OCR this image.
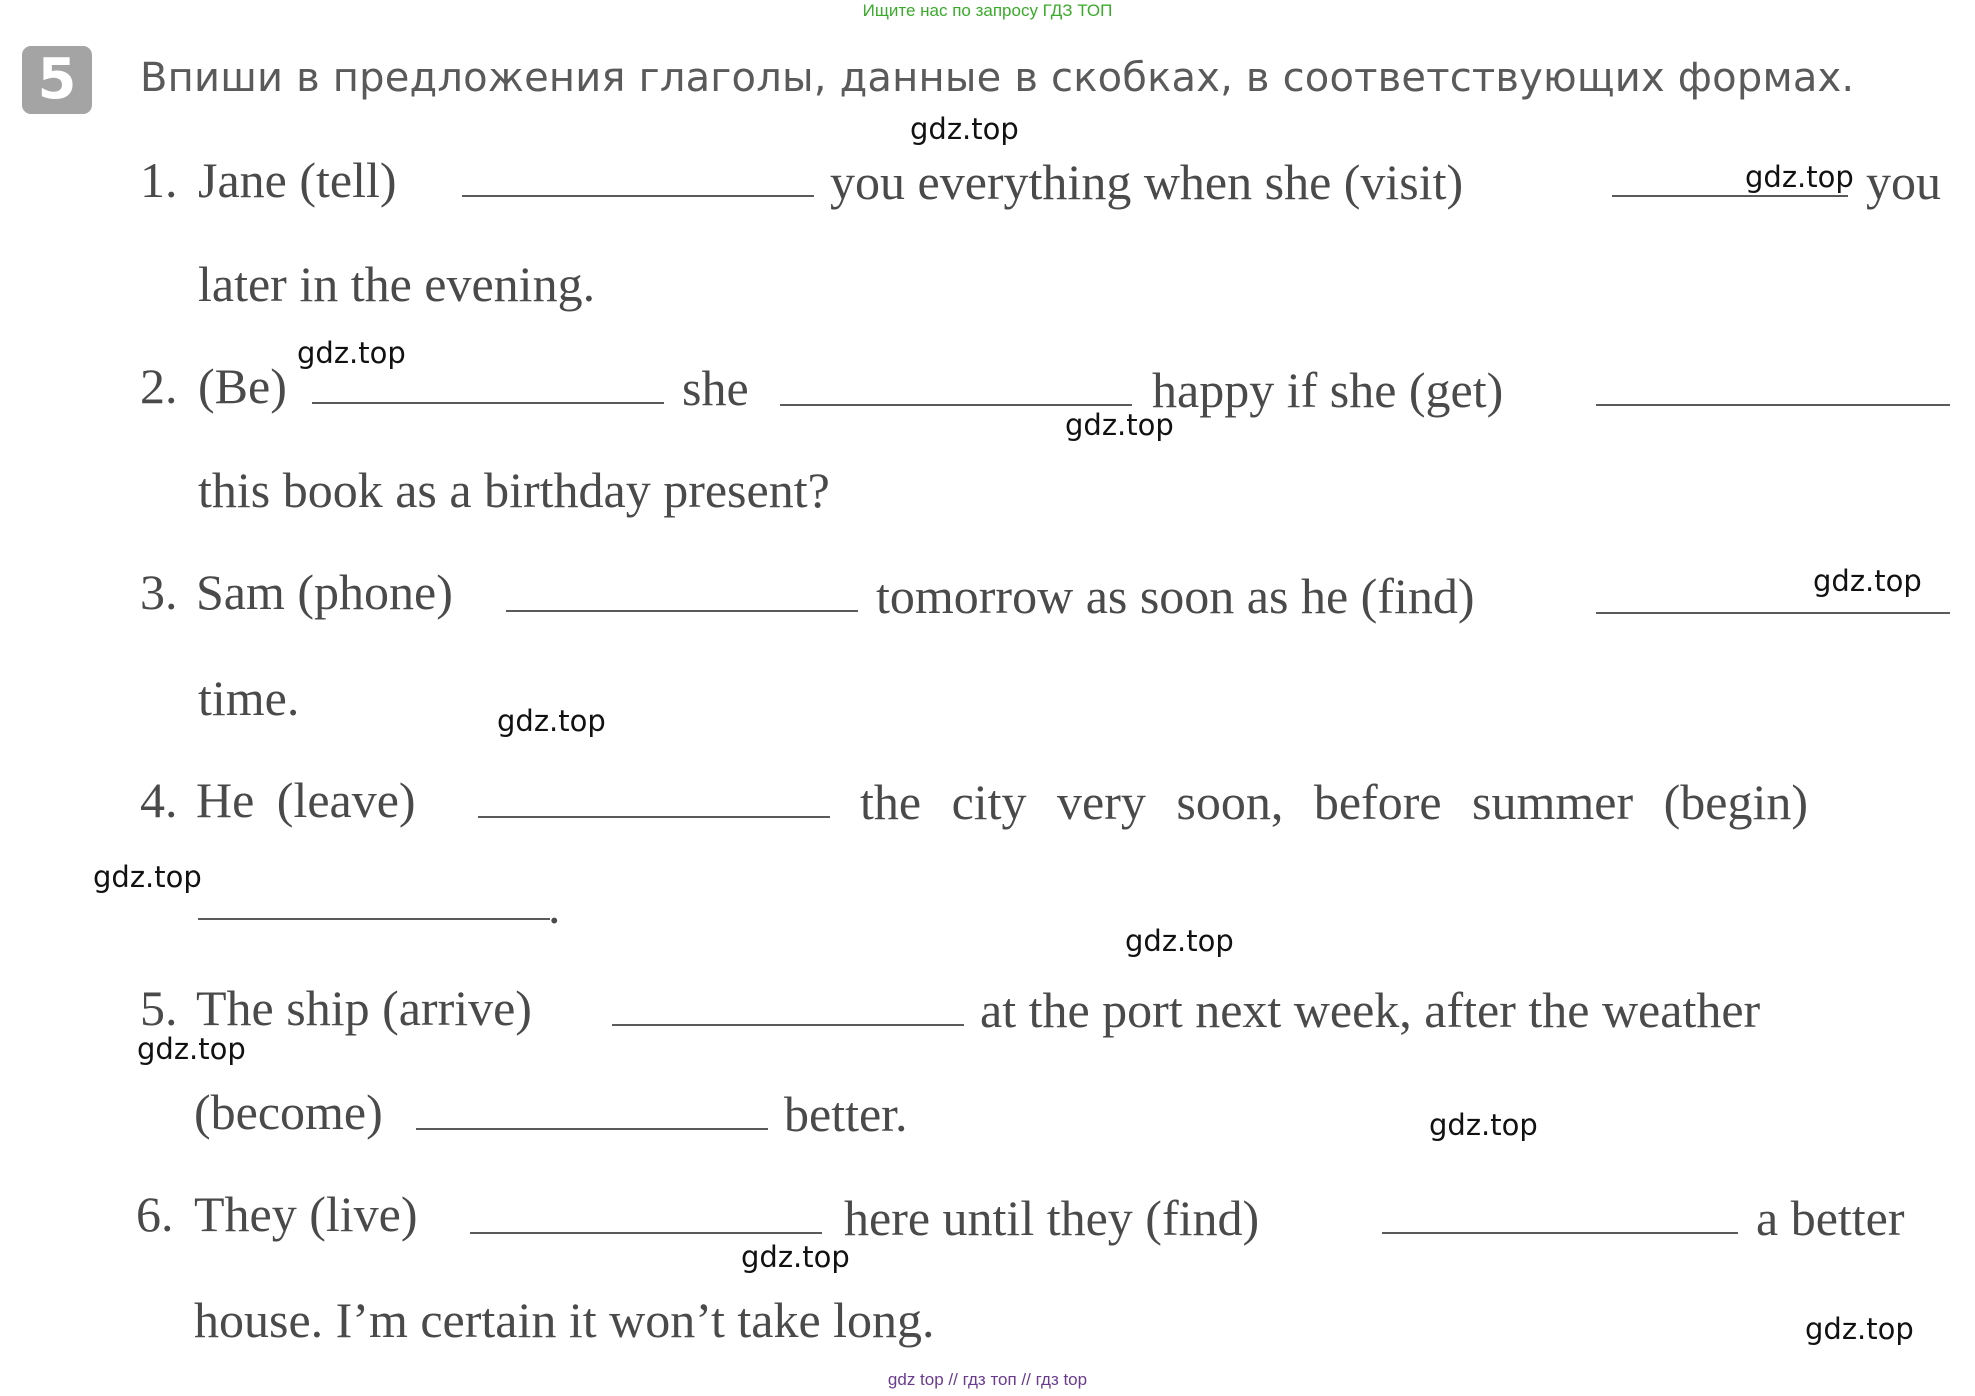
Ищите нас по запросу ГДЗ ТОП
5	Впиши в предложения глаголы, данные в скобках, в соответствующих формах.
1. Jane (tell)	you everything when she (visit)	you
later in the evening.
2. (Be)	she	happy if she (get)
this book as a birthday present?
3. Sam (phone)	tomorrow as soon as he (find)
time.
4. He (leave)	the city very soon, before summer (begin)
.
5. The ship (arrive)	at the port next week, after the weather
(become)	better.
6. They (live)	here until they (find)	a better
house. I’m certain it won’t take long.
gdz.top
gdz.top
gdz.top
gdz.top
gdz.top
gdz.top
gdz.top
gdz.top
gdz.top
gdz.top
gdz.top
gdz.top
gdz top // гдз топ // гдз top
